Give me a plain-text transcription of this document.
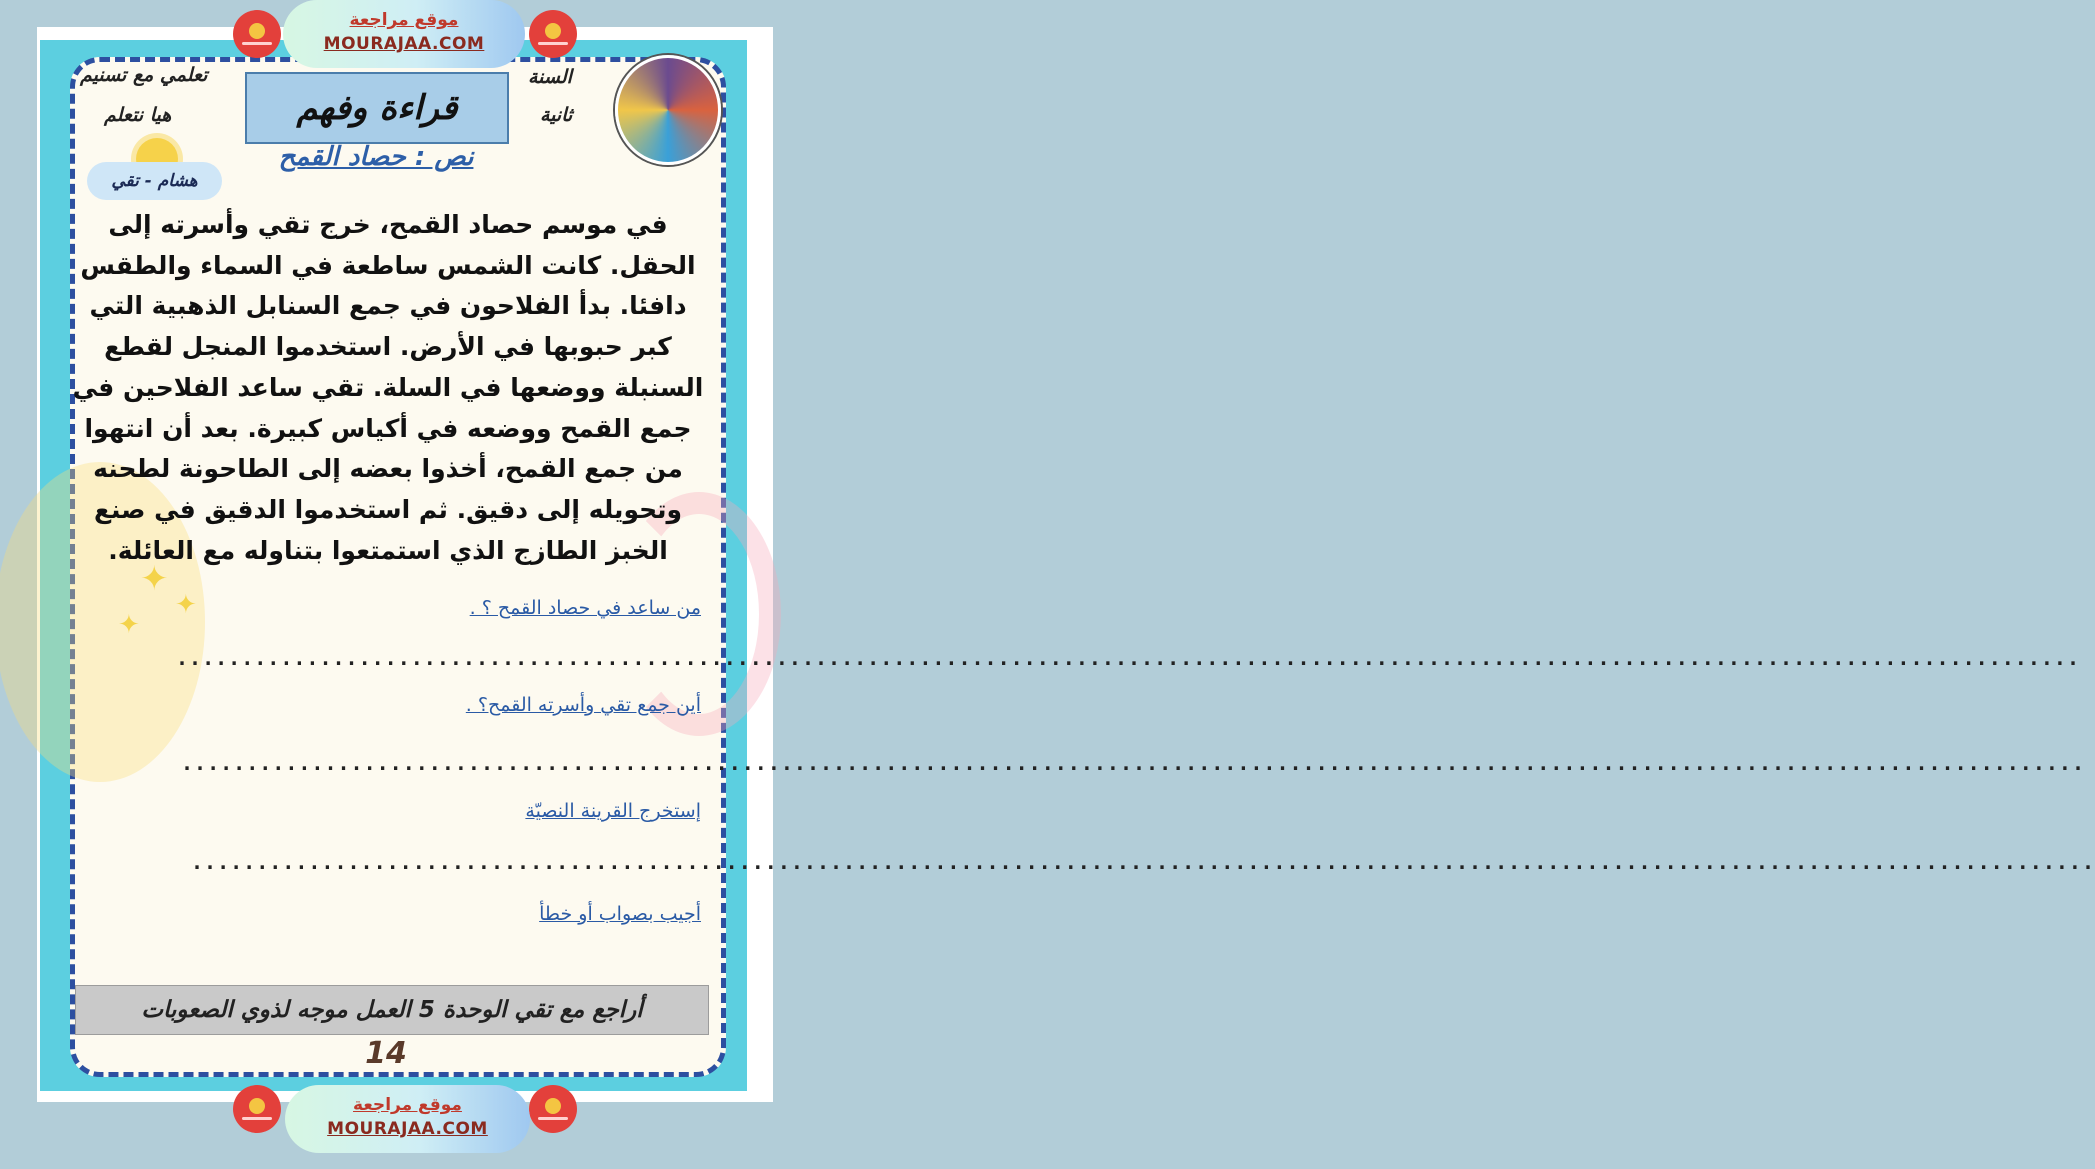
موقع مراجعة
MOURAJAA.COM
✦
✦
✦
تعلمي مع تسنيم
هيا نتعلم	قراءة وفهم
السنة
ثانية
هشام - تقي
نص : حصاد القمح
في موسم حصاد القمح، خرج تقي وأسرته إلى الحقل. كانت الشمس ساطعة في السماء والطقس دافئا. بدأ الفلاحون في جمع السنابل الذهبية التي كبر حبوبها في الأرض. استخدموا المنجل لقطع السنبلة ووضعها في السلة. تقي ساعد الفلاحين في جمع القمح ووضعه في أكياس كبيرة. بعد أن انتهوا من جمع القمح، أخذوا بعضه إلى الطاحونة لطحنه وتحويله إلى دقيق. ثم استخدموا الدقيق في صنع الخبز الطازج الذي استمتعوا بتناوله مع العائلة.
من ساعد في حصاد القمح ؟ .
..................................................................................................................................................
أين جمع تقي وأسرته القمح؟ .
..................................................................................................................................................
إستخرج القرينة النصيّة
..................................................................................................................................................
أجيب بصواب أو خطأ
أراجع مع تقي الوحدة 5 العمل موجه لذوي الصعوبات
14
موقع مراجعة
MOURAJAA.COM
